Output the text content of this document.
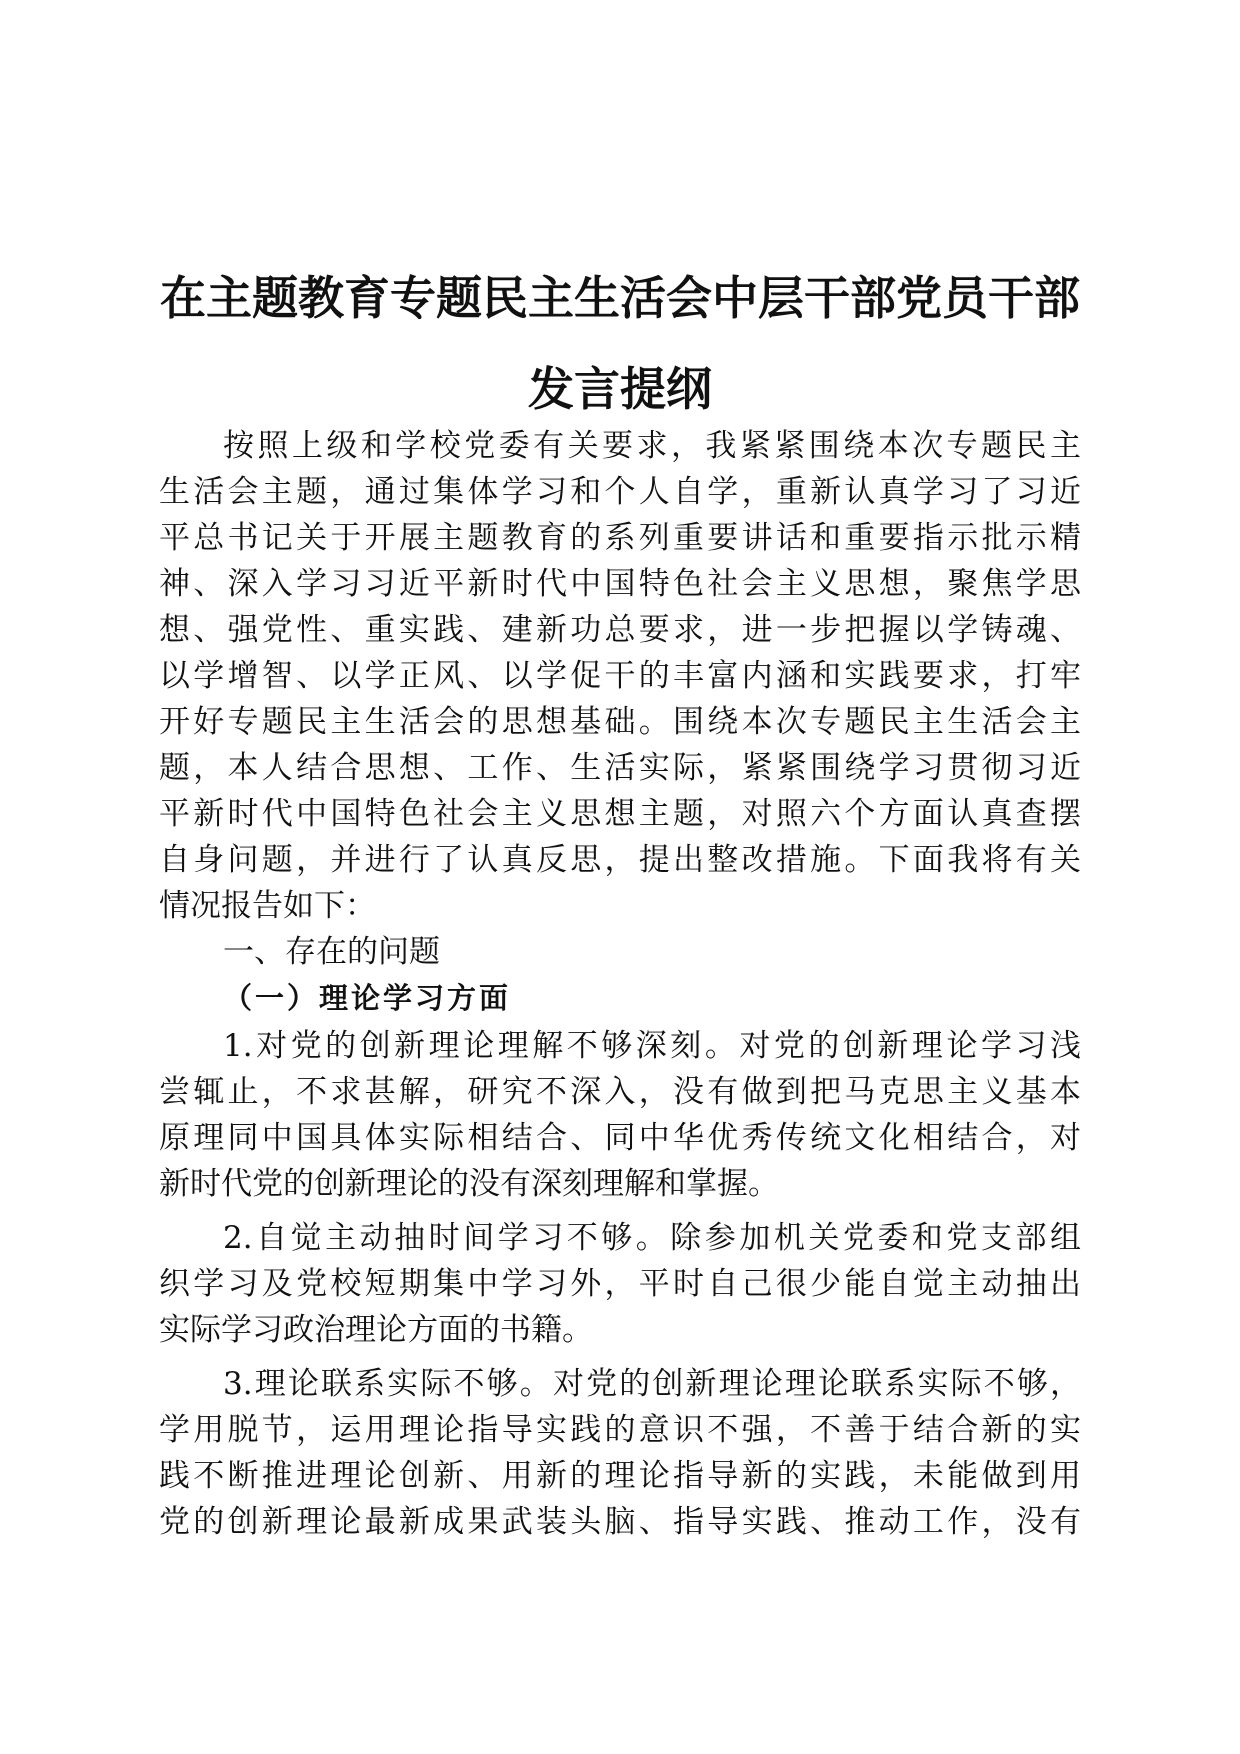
在主题教育专题民主生活会中层干部党员干部
发言提纲
按照上级和学校党委有关要求，我紧紧围绕本次专题民主
生活会主题，通过集体学习和个人自学，重新认真学习了习近
平总书记关于开展主题教育的系列重要讲话和重要指示批示精
神、深入学习习近平新时代中国特色社会主义思想，聚焦学思
想、强党性、重实践、建新功总要求，进一步把握以学铸魂、
以学增智、以学正风、以学促干的丰富内涵和实践要求，打牢
开好专题民主生活会的思想基础。围绕本次专题民主生活会主
题，本人结合思想、工作、生活实际，紧紧围绕学习贯彻习近
平新时代中国特色社会主义思想主题，对照六个方面认真查摆
自身问题，并进行了认真反思，提出整改措施。下面我将有关
情况报告如下：
一、存在的问题
（一）理论学习方面
1.对党的创新理论理解不够深刻。对党的创新理论学习浅
尝辄止，不求甚解，研究不深入，没有做到把马克思主义基本
原理同中国具体实际相结合、同中华优秀传统文化相结合，对
新时代党的创新理论的没有深刻理解和掌握。
2.自觉主动抽时间学习不够。除参加机关党委和党支部组
织学习及党校短期集中学习外，平时自己很少能自觉主动抽出
实际学习政治理论方面的书籍。
3.理论联系实际不够。对党的创新理论理论联系实际不够，
学用脱节，运用理论指导实践的意识不强，不善于结合新的实
践不断推进理论创新、用新的理论指导新的实践，未能做到用
党的创新理论最新成果武装头脑、指导实践、推动工作，没有
